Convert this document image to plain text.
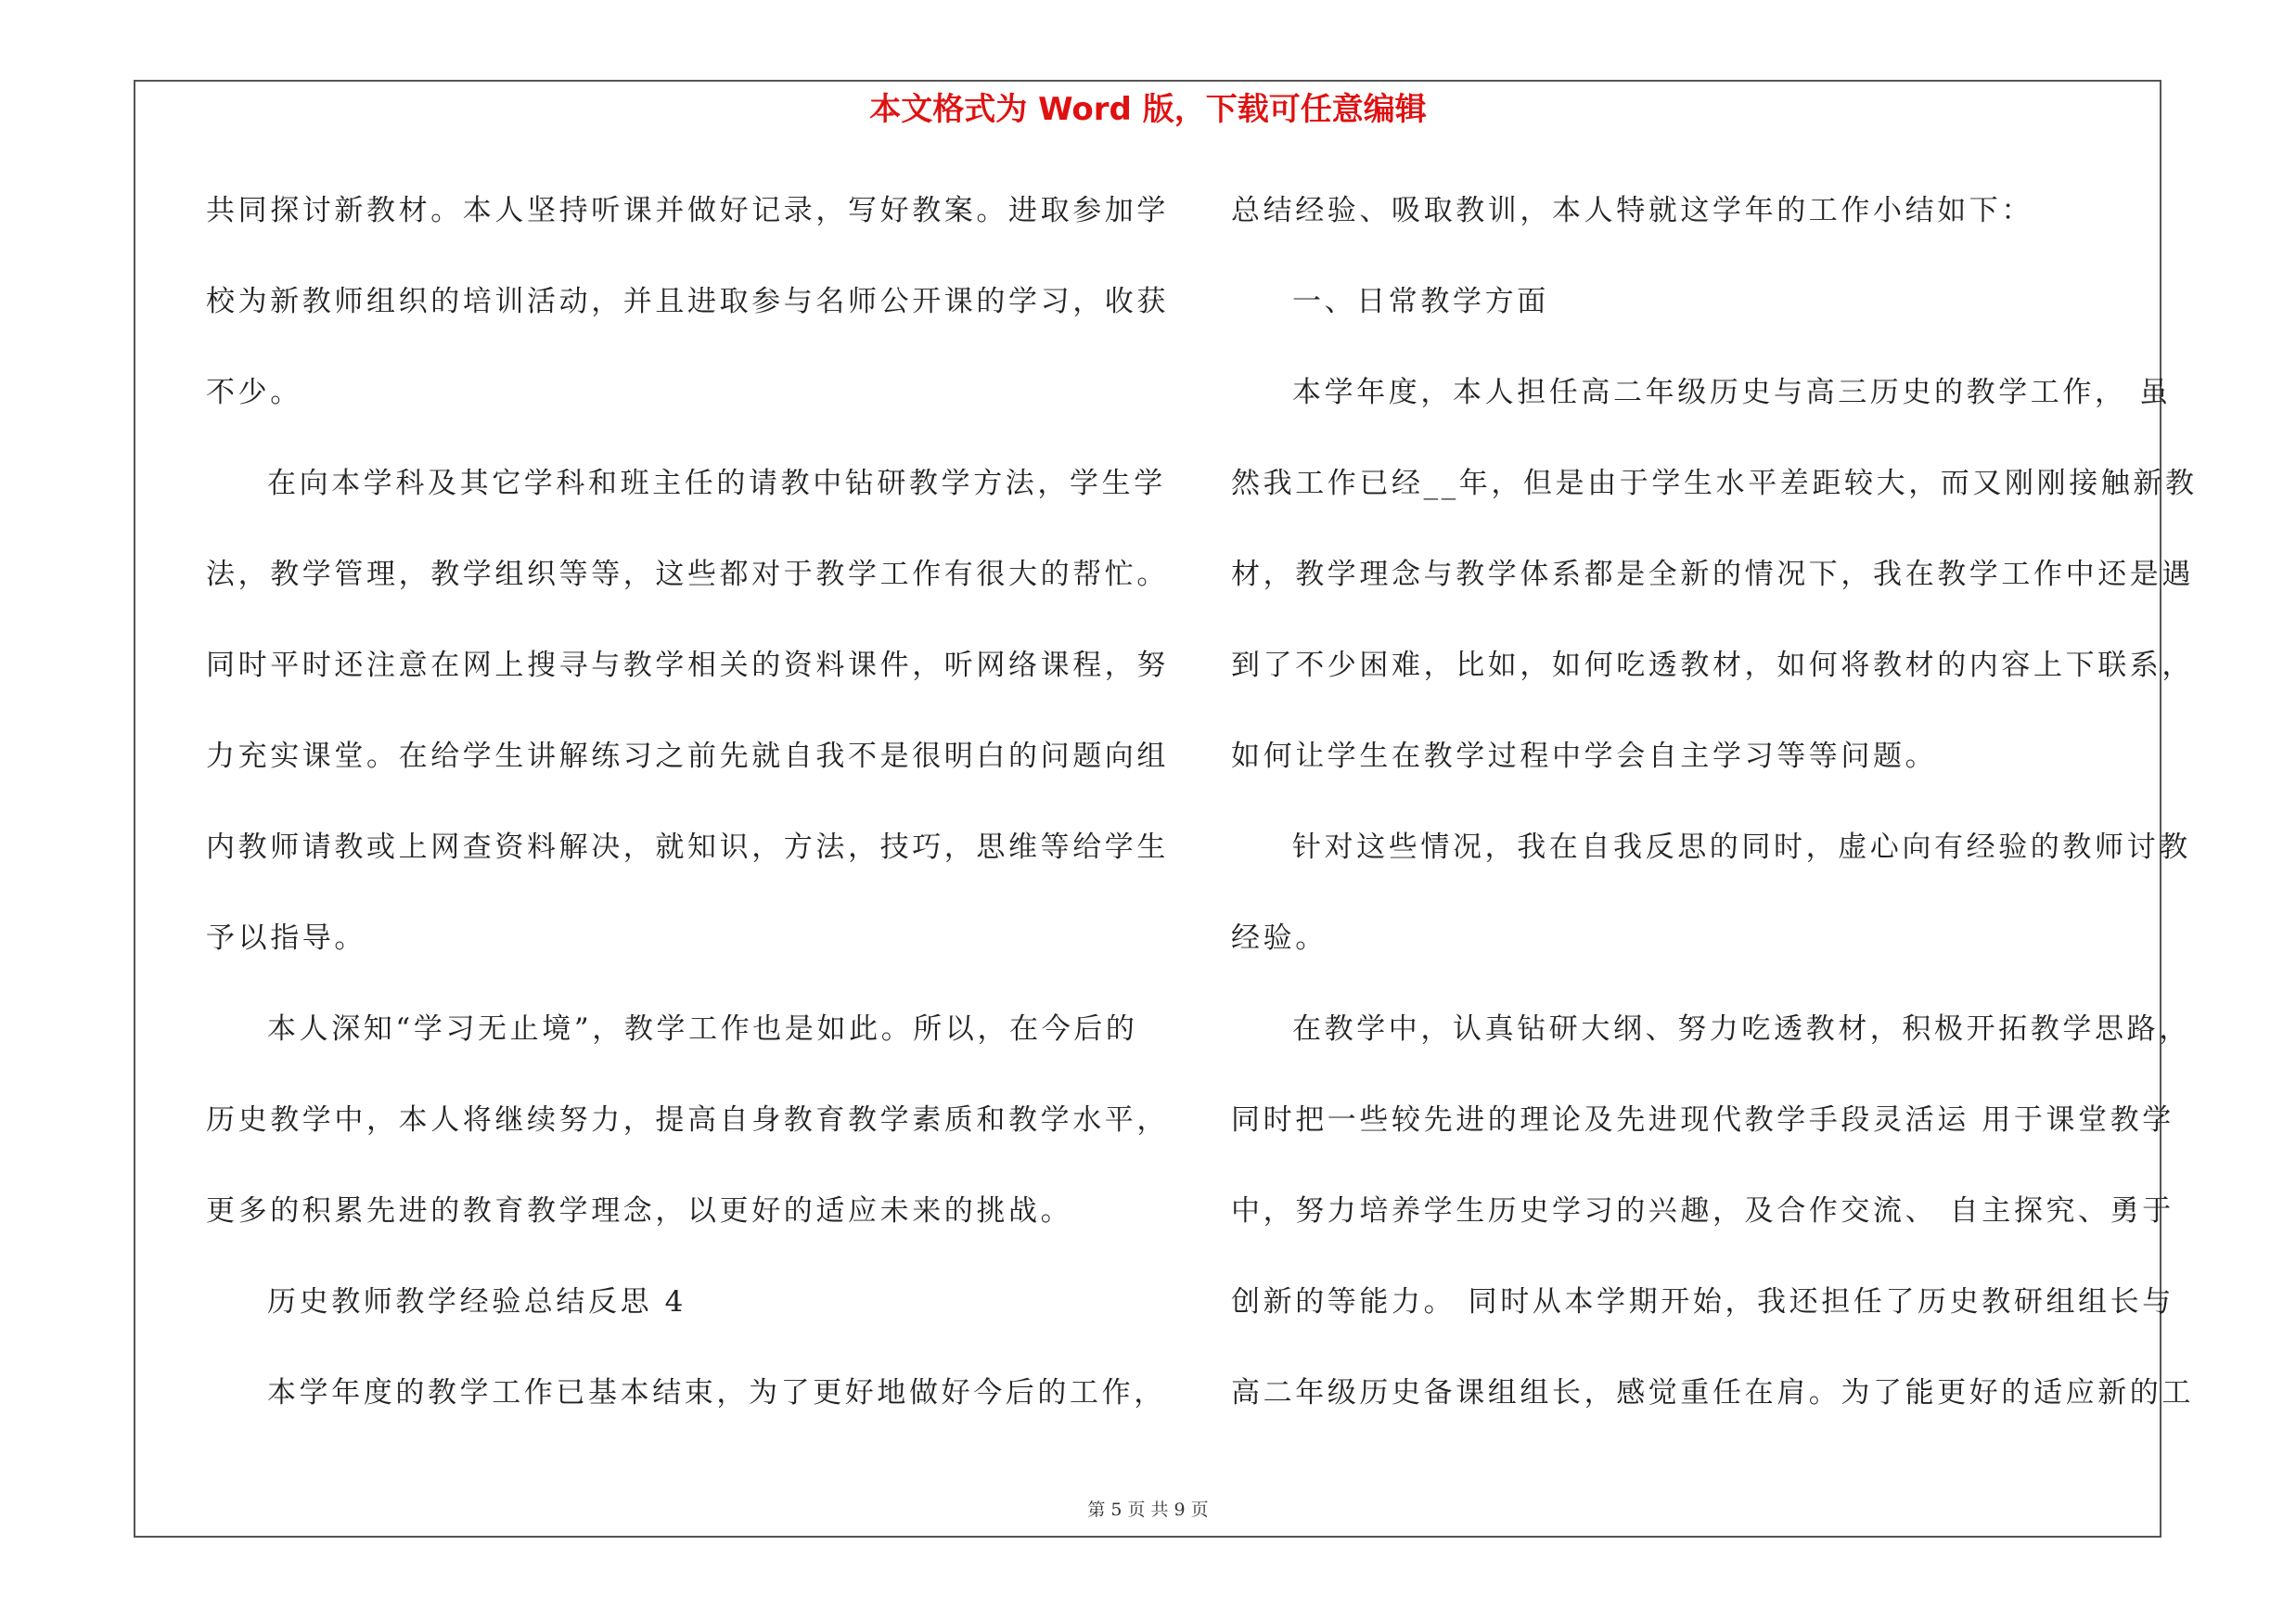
本文格式为 Word 版，下载可任意编辑
共同探讨新教材。本人坚持听课并做好记录，写好教案。进取参加学
校为新教师组织的培训活动，并且进取参与名师公开课的学习，收获
不少。
在向本学科及其它学科和班主任的请教中钻研教学方法，学生学
法，教学管理，教学组织等等，这些都对于教学工作有很大的帮忙。
同时平时还注意在网上搜寻与教学相关的资料课件，听网络课程，努
力充实课堂。在给学生讲解练习之前先就自我不是很明白的问题向组
内教师请教或上网查资料解决，就知识，方法，技巧，思维等给学生
予以指导。
本人深知“学习无止境”，教学工作也是如此。所以，在今后的
历史教学中，本人将继续努力，提高自身教育教学素质和教学水平，
更多的积累先进的教育教学理念，以更好的适应未来的挑战。
历史教师教学经验总结反思 4
本学年度的教学工作已基本结束，为了更好地做好今后的工作，
总结经验、吸取教训，本人特就这学年的工作小结如下：
一、日常教学方面
本学年度，本人担任高二年级历史与高三历史的教学工作， 虽
然我工作已经__年，但是由于学生水平差距较大，而又刚刚接触新教
材，教学理念与教学体系都是全新的情况下，我在教学工作中还是遇
到了不少困难，比如，如何吃透教材，如何将教材的内容上下联系，
如何让学生在教学过程中学会自主学习等等问题。
针对这些情况，我在自我反思的同时，虚心向有经验的教师讨教
经验。
在教学中，认真钻研大纲、努力吃透教材，积极开拓教学思路，
同时把一些较先进的理论及先进现代教学手段灵活运 用于课堂教学
中，努力培养学生历史学习的兴趣，及合作交流、 自主探究、勇于
创新的等能力。 同时从本学期开始，我还担任了历史教研组组长与
高二年级历史备课组组长，感觉重任在肩。为了能更好的适应新的工
第 5 页 共 9 页
